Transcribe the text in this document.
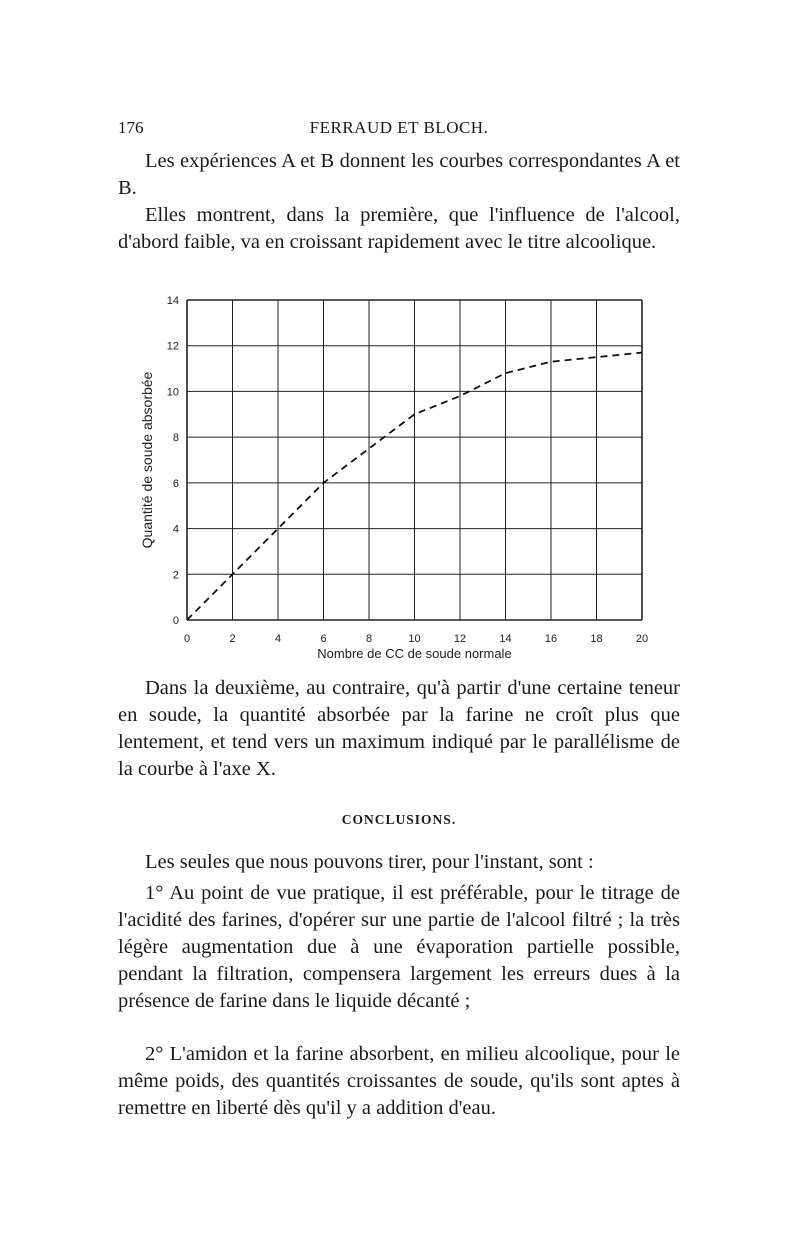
176	FERRAUD ET BLOCH.

Les expériences A et B donnent les courbes correspondantes A et B.

Elles montrent, dans la première, que l'influence de l'alcool, d'abord faible, va en croissant rapidement avec le titre alcoolique.

0
2
4
6
8
10
12
14
0	2	4	6	8	10	12	14	16	18	20
Quantité de soude absorbée
Nombre de CC de soude normale

Dans la deuxième, au contraire, qu'à partir d'une certaine teneur en soude, la quantité absorbée par la farine ne croît plus que lentement, et tend vers un maximum indiqué par le parallélisme de la courbe à l'axe X.

CONCLUSIONS.

Les seules que nous pouvons tirer, pour l'instant, sont :

1° Au point de vue pratique, il est préférable, pour le titrage de l'acidité des farines, d'opérer sur une partie de l'alcool filtré ; la très légère augmentation due à une évaporation partielle possible, pendant la filtration, compensera largement les erreurs dues à la présence de farine dans le liquide décanté ;

2° L'amidon et la farine absorbent, en milieu alcoolique, pour le même poids, des quantités croissantes de soude, qu'ils sont aptes à remettre en liberté dès qu'il y a addition d'eau.
